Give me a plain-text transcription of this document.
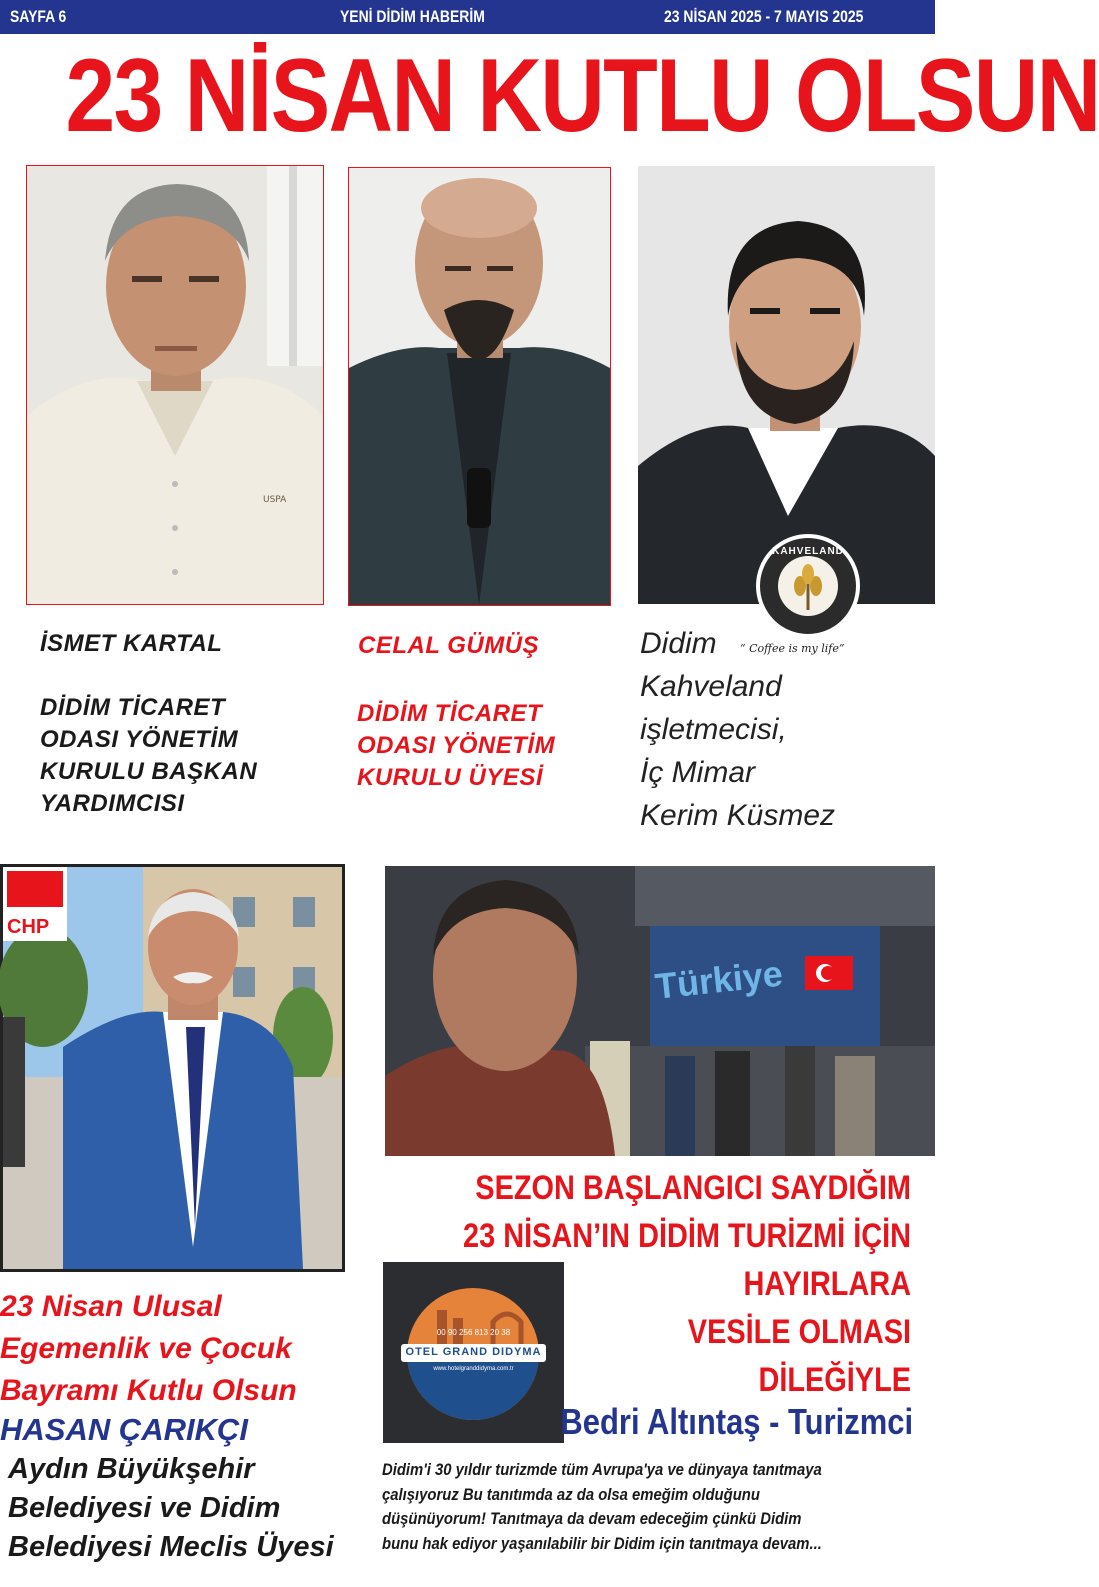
SAYFA 6	YENİ DİDİM HABERİM	23 NİSAN 2025 - 7 MAYIS 2025
23 NİSAN KUTLU OLSUN
USPA
KAHVELAND
“ Coffee is my life”
İSMET KARTAL
DİDİM TİCARET
ODASI YÖNETİM
KURULU BAŞKAN
YARDIMCISI
CELAL GÜMÜŞ
DİDİM TİCARET
ODASI YÖNETİM
KURULU ÜYESİ
Didim
Kahveland
işletmecisi,
İç Mimar
Kerim Küsmez
CHP
23 Nisan Ulusal
Egemenlik ve Çocuk
Bayramı Kutlu Olsun
HASAN ÇARIKÇI
Aydın Büyükşehir
Belediyesi ve Didim
Belediyesi Meclis Üyesi
Türkiye
SEZON BAŞLANGICI SAYDIĞIM
23 NİSAN’IN DİDİM TURİZMİ İÇİN
HAYIRLARA
VESİLE OLMASI
DİLEĞİYLE
00 90 256 813 20 38
OTEL GRAND DIDYMA
www.hotelgranddidyma.com.tr
Bedri Altıntaş - Turizmci
Didim'i 30 yıldır turizmde tüm Avrupa'ya ve dünyaya tanıtmaya
çalışıyoruz Bu tanıtımda az da olsa emeğim olduğunu
düşünüyorum! Tanıtmaya da devam edeceğim çünkü Didim
bunu hak ediyor yaşanılabilir bir Didim için tanıtmaya devam...
